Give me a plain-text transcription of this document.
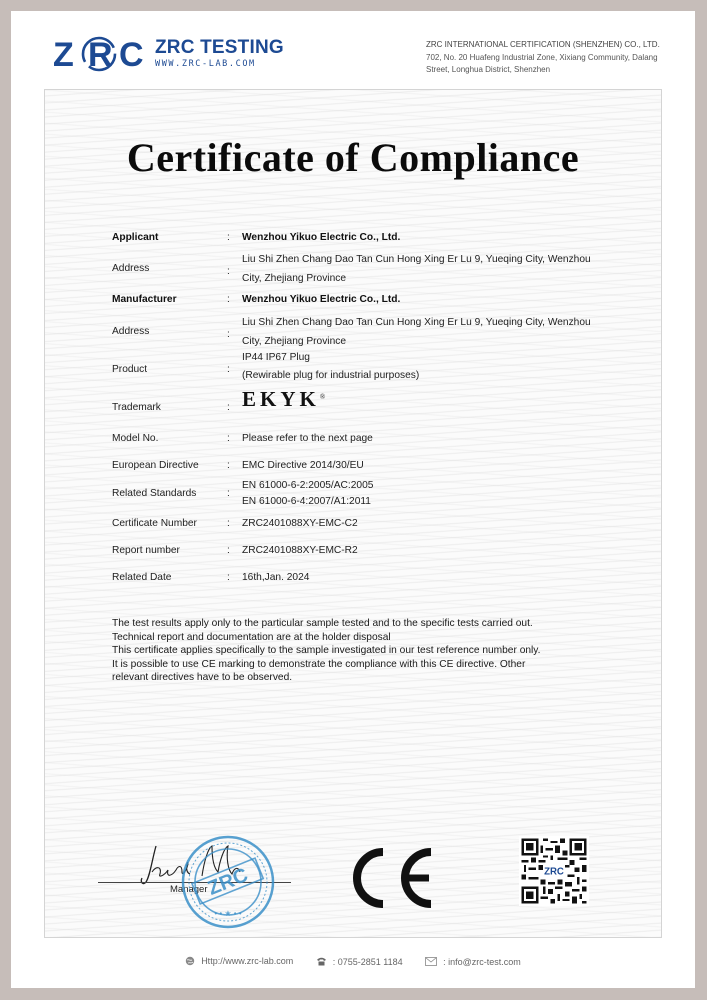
Z R C ZRC TESTING
WWW.ZRC-LAB.COM
ZRC INTERNATIONAL CERTIFICATION (SHENZHEN) CO., LTD.
702, No. 20 Huafeng Industrial Zone, Xixiang Community, Dalang
Street, Longhua District, Shenzhen
Certificate of Compliance
Applicant	: Wenzhou Yikuo Electric Co., Ltd.
Address	:
Liu Shi Zhen Chang Dao Tan Cun Hong Xing Er Lu 9, Yueqing City, Wenzhou
City, Zhejiang Province
Manufacturer	: Wenzhou Yikuo Electric Co., Ltd.
Address	:
Liu Shi Zhen Chang Dao Tan Cun Hong Xing Er Lu 9, Yueqing City, Wenzhou
City, Zhejiang Province
Product	:
IP44 IP67 Plug
(Rewirable plug for industrial purposes)
Trademark	: EKYK®
Model No.	: Please refer to the next page
European Directive	: EMC Directive 2014/30/EU
Related Standards	:
EN 61000-6-2:2005/AC:2005
EN 61000-6-4:2007/A1:2011
Certificate Number	: ZRC2401088XY-EMC-C2
Report number	: ZRC2401088XY-EMC-R2
Related Date	: 16th,Jan. 2024

The test results apply only to the particular sample tested and to the specific tests carried out.

Technical report and documentation are at the holder disposal

This certificate applies specifically to the sample investigated in our test reference number only.

It is possible to use CE marking to demonstrate the compliance with this CE directive. Other

relevant directives have to be observed.

Manager
ZRC
• • ★ • •
ZRC
Http://www.zrc-lab.com
	: 0755-2851 1184
	: info@zrc-test.com
